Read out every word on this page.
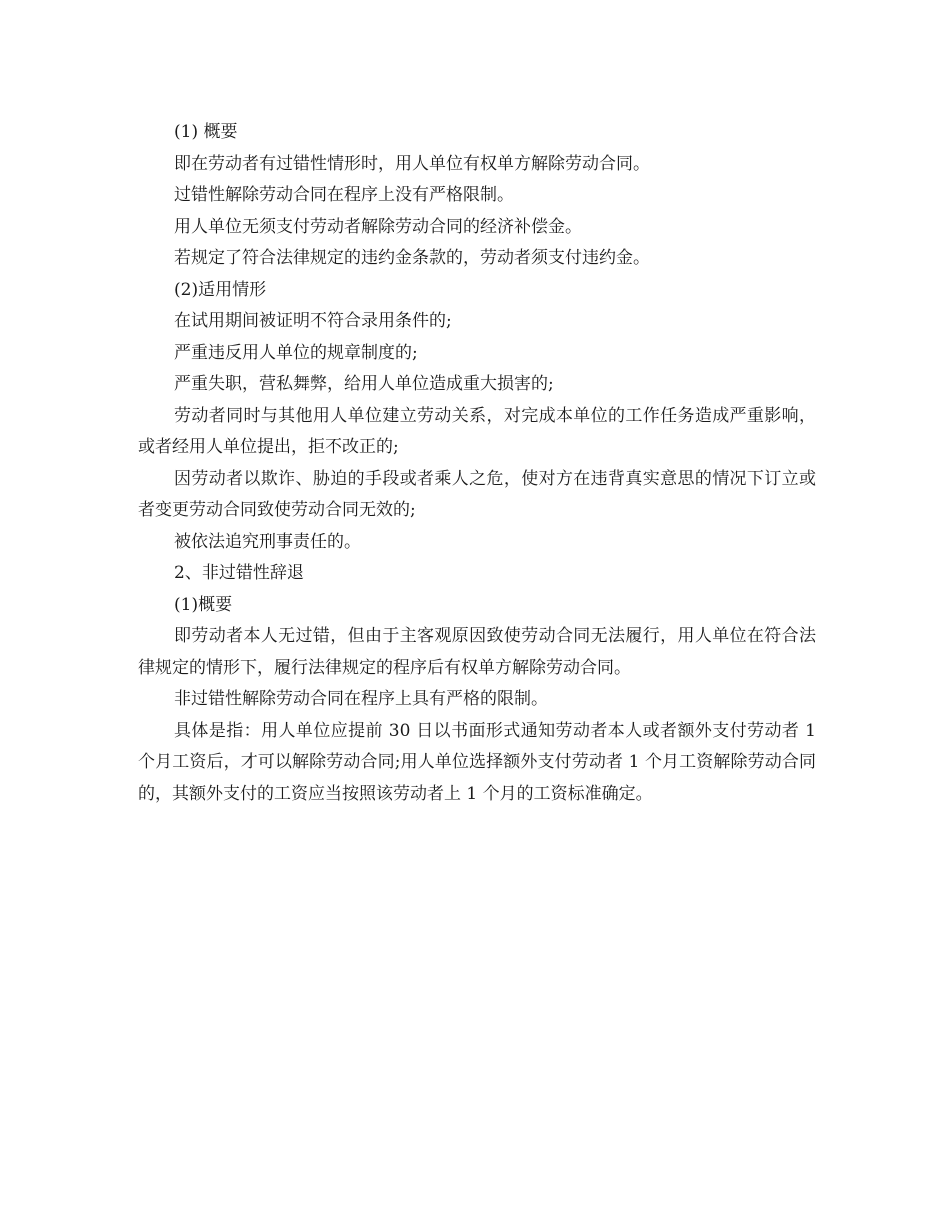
(1) 概要

即在劳动者有过错性情形时，用人单位有权单方解除劳动合同。

过错性解除劳动合同在程序上没有严格限制。

用人单位无须支付劳动者解除劳动合同的经济补偿金。

若规定了符合法律规定的违约金条款的，劳动者须支付违约金。

(2)适用情形

在试用期间被证明不符合录用条件的;

严重违反用人单位的规章制度的;

严重失职，营私舞弊，给用人单位造成重大损害的;

劳动者同时与其他用人单位建立劳动关系，对完成本单位的工作任务造成严重影响，或者经用人单位提出，拒不改正的;

因劳动者以欺诈、胁迫的手段或者乘人之危，使对方在违背真实意思的情况下订立或者变更劳动合同致使劳动合同无效的;

被依法追究刑事责任的。

2、非过错性辞退

(1)概要

即劳动者本人无过错，但由于主客观原因致使劳动合同无法履行，用人单位在符合法律规定的情形下，履行法律规定的程序后有权单方解除劳动合同。

非过错性解除劳动合同在程序上具有严格的限制。

具体是指：用人单位应提前 30 日以书面形式通知劳动者本人或者额外支付劳动者 1 个月工资后，才可以解除劳动合同;用人单位选择额外支付劳动者 1 个月工资解除劳动合同的，其额外支付的工资应当按照该劳动者上 1 个月的工资标准确定。
